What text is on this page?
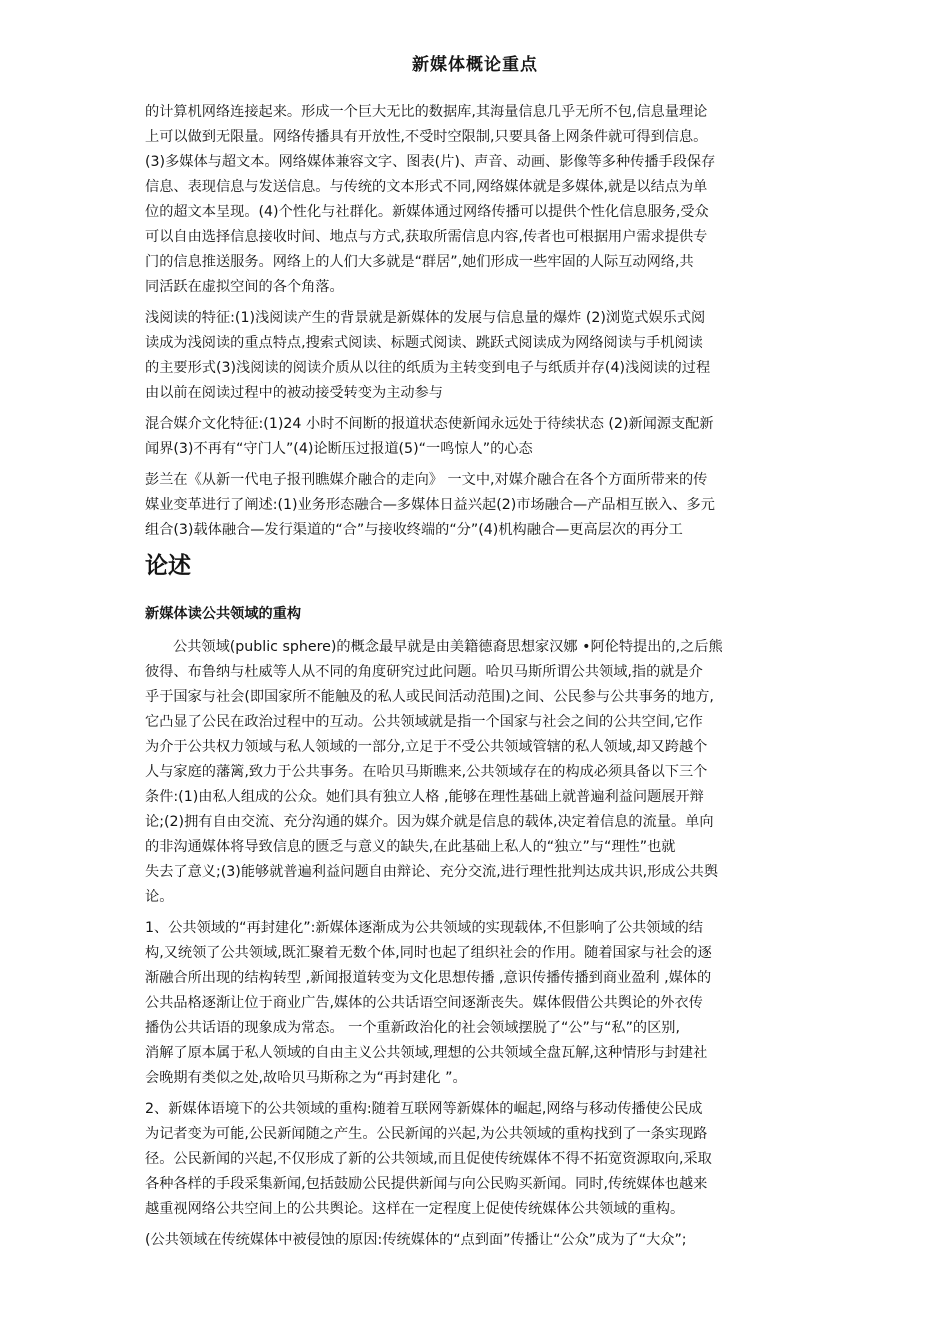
新媒体概论重点
的计算机网络连接起来。形成一个巨大无比的数据库,其海量信息几乎无所不包,信息量理论
上可以做到无限量。网络传播具有开放性,不受时空限制,只要具备上网条件就可得到信息。
(3)多媒体与超文本。网络媒体兼容文字、图表(片)、声音、动画、影像等多种传播手段保存
信息、表现信息与发送信息。与传统的文本形式不同,网络媒体就是多媒体,就是以结点为单
位的超文本呈现。(4)个性化与社群化。新媒体通过网络传播可以提供个性化信息服务,受众
可以自由选择信息接收时间、地点与方式,获取所需信息内容,传者也可根据用户需求提供专
门的信息推送服务。网络上的人们大多就是“群居”,她们形成一些牢固的人际互动网络,共
同活跃在虚拟空间的各个角落。
浅阅读的特征:(1)浅阅读产生的背景就是新媒体的发展与信息量的爆炸 (2)浏览式娱乐式阅
读成为浅阅读的重点特点,搜索式阅读、标题式阅读、跳跃式阅读成为网络阅读与手机阅读
的主要形式(3)浅阅读的阅读介质从以往的纸质为主转变到电子与纸质并存(4)浅阅读的过程
由以前在阅读过程中的被动接受转变为主动参与
混合媒介文化特征:(1)24 小时不间断的报道状态使新闻永远处于待续状态 (2)新闻源支配新
闻界(3)不再有“守门人”(4)论断压过报道(5)“一鸣惊人”的心态
彭兰在《从新一代电子报刊瞧媒介融合的走向》 一文中,对媒介融合在各个方面所带来的传
媒业变革进行了阐述:(1)业务形态融合—多媒体日益兴起(2)市场融合—产品相互嵌入、多元
组合(3)载体融合—发行渠道的“合”与接收终端的“分”(4)机构融合—更高层次的再分工
论述
新媒体读公共领域的重构
公共领域(public sphere)的概念最早就是由美籍德裔思想家汉娜 •阿伦特提出的,之后熊
彼得、布鲁纳与杜威等人从不同的角度研究过此问题。哈贝马斯所谓公共领域,指的就是介
乎于国家与社会(即国家所不能触及的私人或民间活动范围)之间、公民参与公共事务的地方,
它凸显了公民在政治过程中的互动。公共领域就是指一个国家与社会之间的公共空间,它作
为介于公共权力领域与私人领域的一部分,立足于不受公共领域管辖的私人领域,却又跨越个
人与家庭的藩篱,致力于公共事务。在哈贝马斯瞧来,公共领域存在的构成必须具备以下三个
条件:(1)由私人组成的公众。她们具有独立人格 ,能够在理性基础上就普遍利益问题展开辩
论;(2)拥有自由交流、充分沟通的媒介。因为媒介就是信息的载体,决定着信息的流量。单向
的非沟通媒体将导致信息的匮乏与意义的缺失,在此基础上私人的“独立”与“理性”也就
失去了意义;(3)能够就普遍利益问题自由辩论、充分交流,进行理性批判达成共识,形成公共舆
论。
1、公共领域的“再封建化”:新媒体逐渐成为公共领域的实现载体,不但影响了公共领域的结
构,又统领了公共领域,既汇聚着无数个体,同时也起了组织社会的作用。随着国家与社会的逐
渐融合所出现的结构转型 ,新闻报道转变为文化思想传播 ,意识传播传播到商业盈利 ,媒体的
公共品格逐渐让位于商业广告,媒体的公共话语空间逐渐丧失。媒体假借公共舆论的外衣传
播伪公共话语的现象成为常态。 一个重新政治化的社会领域摆脱了“公”与“私”的区别,
消解了原本属于私人领域的自由主义公共领域,理想的公共领域全盘瓦解,这种情形与封建社
会晚期有类似之处,故哈贝马斯称之为“再封建化 ”。
2、新媒体语境下的公共领域的重构:随着互联网等新媒体的崛起,网络与移动传播使公民成
为记者变为可能,公民新闻随之产生。公民新闻的兴起,为公共领域的重构找到了一条实现路
径。公民新闻的兴起,不仅形成了新的公共领域,而且促使传统媒体不得不拓宽资源取向,采取
各种各样的手段采集新闻,包括鼓励公民提供新闻与向公民购买新闻。同时,传统媒体也越来
越重视网络公共空间上的公共舆论。这样在一定程度上促使传统媒体公共领域的重构。
(公共领域在传统媒体中被侵蚀的原因:传统媒体的“点到面”传播让“公众”成为了“大众”;
